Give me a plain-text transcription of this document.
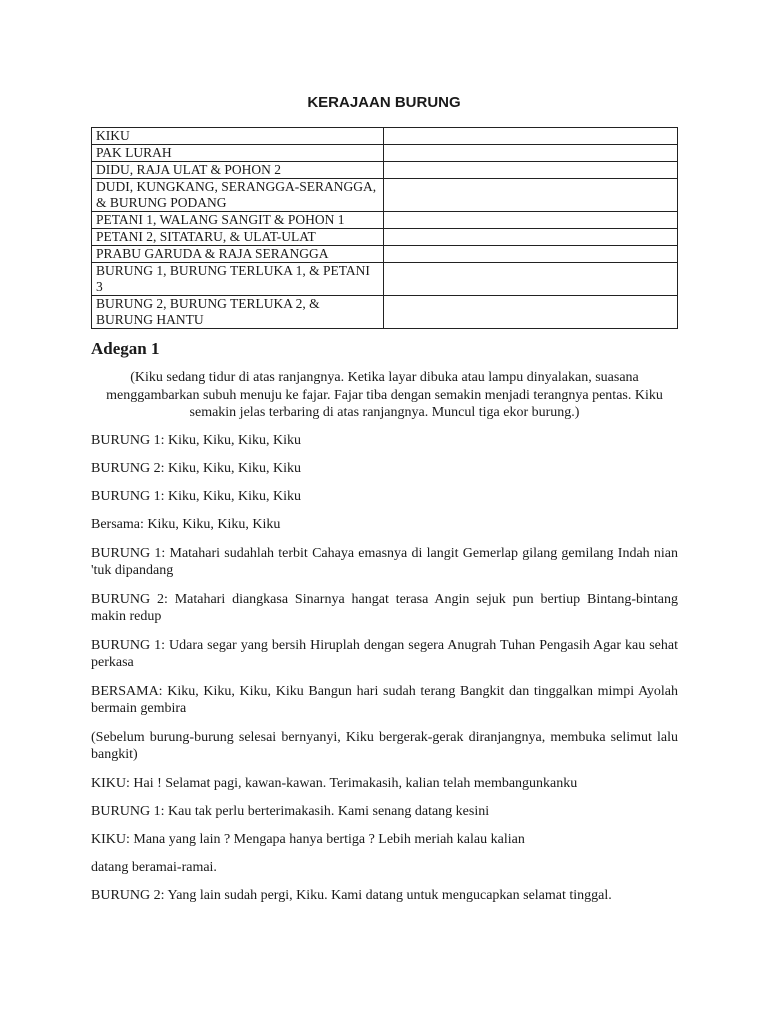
KERAJAAN BURUNG
KIKU	
PAK LURAH	
DIDU, RAJA ULAT & POHON 2	
DUDI, KUNGKANG, SERANGGA-SERANGGA, & BURUNG PODANG	
PETANI 1, WALANG SANGIT & POHON 1	
PETANI 2, SITATARU, & ULAT-ULAT	
PRABU GARUDA & RAJA SERANGGA	
BURUNG 1, BURUNG TERLUKA 1, & PETANI 3	
BURUNG 2, BURUNG TERLUKA 2, & BURUNG HANTU	
Adegan 1
(Kiku sedang tidur di atas ranjangnya. Ketika layar dibuka atau lampu dinyalakan, suasana menggambarkan subuh menuju ke fajar. Fajar tiba dengan semakin menjadi terangnya pentas. Kiku semakin jelas terbaring di atas ranjangnya. Muncul tiga ekor burung.)
BURUNG 1: Kiku, Kiku, Kiku, Kiku
BURUNG 2: Kiku, Kiku, Kiku, Kiku
BURUNG 1: Kiku, Kiku, Kiku, Kiku
Bersama: Kiku, Kiku, Kiku, Kiku
BURUNG 1: Matahari sudahlah terbit Cahaya emasnya di langit Gemerlap gilang gemilang Indah nian 'tuk dipandang
BURUNG 2: Matahari diangkasa Sinarnya hangat terasa Angin sejuk pun bertiup Bintang-bintang makin redup
BURUNG 1: Udara segar yang bersih Hiruplah dengan segera Anugrah Tuhan Pengasih Agar kau sehat perkasa
BERSAMA: Kiku, Kiku, Kiku, Kiku Bangun hari sudah terang Bangkit dan tinggalkan mimpi Ayolah bermain gembira
(Sebelum burung-burung selesai bernyanyi, Kiku bergerak-gerak diranjangnya, membuka selimut lalu bangkit)
KIKU: Hai ! Selamat pagi, kawan-kawan. Terimakasih, kalian telah membangunkanku
BURUNG 1: Kau tak perlu berterimakasih. Kami senang datang kesini
KIKU: Mana yang lain ? Mengapa hanya bertiga ? Lebih meriah kalau kalian
datang beramai-ramai.
BURUNG 2: Yang lain sudah pergi, Kiku. Kami datang untuk mengucapkan selamat tinggal.
